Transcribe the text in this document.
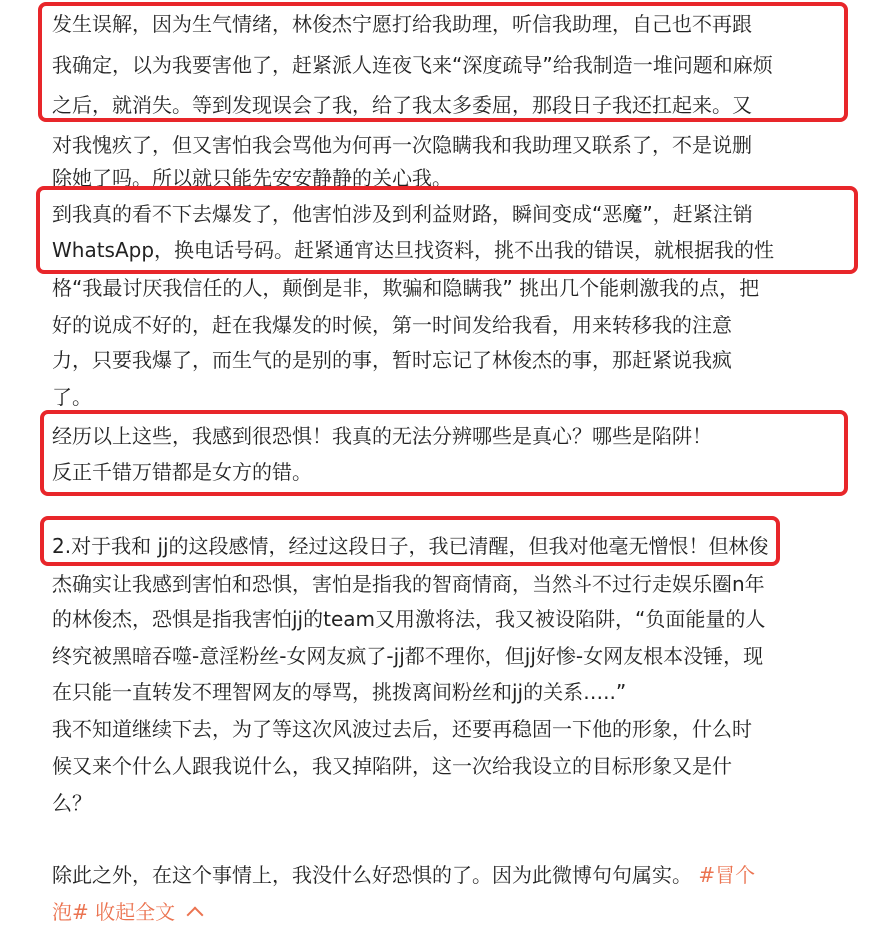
发生误解，因为生气情绪，林俊杰宁愿打给我助理，听信我助理，自己也不再跟
我确定，以为我要害他了，赶紧派人连夜飞来“深度疏导”给我制造一堆问题和麻烦
之后，就消失。等到发现误会了我，给了我太多委屈，那段日子我还扛起来。又
对我愧疚了，但又害怕我会骂他为何再一次隐瞒我和我助理又联系了，不是说删
除她了吗。所以就只能先安安静静的关心我。
到我真的看不下去爆发了，他害怕涉及到利益财路，瞬间变成“恶魔”，赶紧注销
WhatsApp，换电话号码。赶紧通宵达旦找资料，挑不出我的错误，就根据我的性
格“我最讨厌我信任的人，颠倒是非，欺骗和隐瞒我” 挑出几个能刺激我的点，把
好的说成不好的，赶在我爆发的时候，第一时间发给我看，用来转移我的注意
力，只要我爆了，而生气的是别的事，暂时忘记了林俊杰的事，那赶紧说我疯
了。
经历以上这些，我感到很恐惧！我真的无法分辨哪些是真心？哪些是陷阱！
反正千错万错都是女方的错。
2.对于我和 jj的这段感情，经过这段日子，我已清醒，但我对他毫无憎恨！但林俊
杰确实让我感到害怕和恐惧，害怕是指我的智商情商，当然斗不过行走娱乐圈n年
的林俊杰，恐惧是指我害怕jj的team又用激将法，我又被设陷阱，“负面能量的人
终究被黑暗吞噬-意淫粉丝-女网友疯了-jj都不理你，但jj好惨-女网友根本没锤，现
在只能一直转发不理智网友的辱骂，挑拨离间粉丝和jj的关系…..”
我不知道继续下去，为了等这次风波过去后，还要再稳固一下他的形象，什么时
候又来个什么人跟我说什么，我又掉陷阱，这一次给我设立的目标形象又是什
么？
除此之外，在这个事情上，我没什么好恐惧的了。因为此微博句句属实。 #冒个
泡# 收起全文
